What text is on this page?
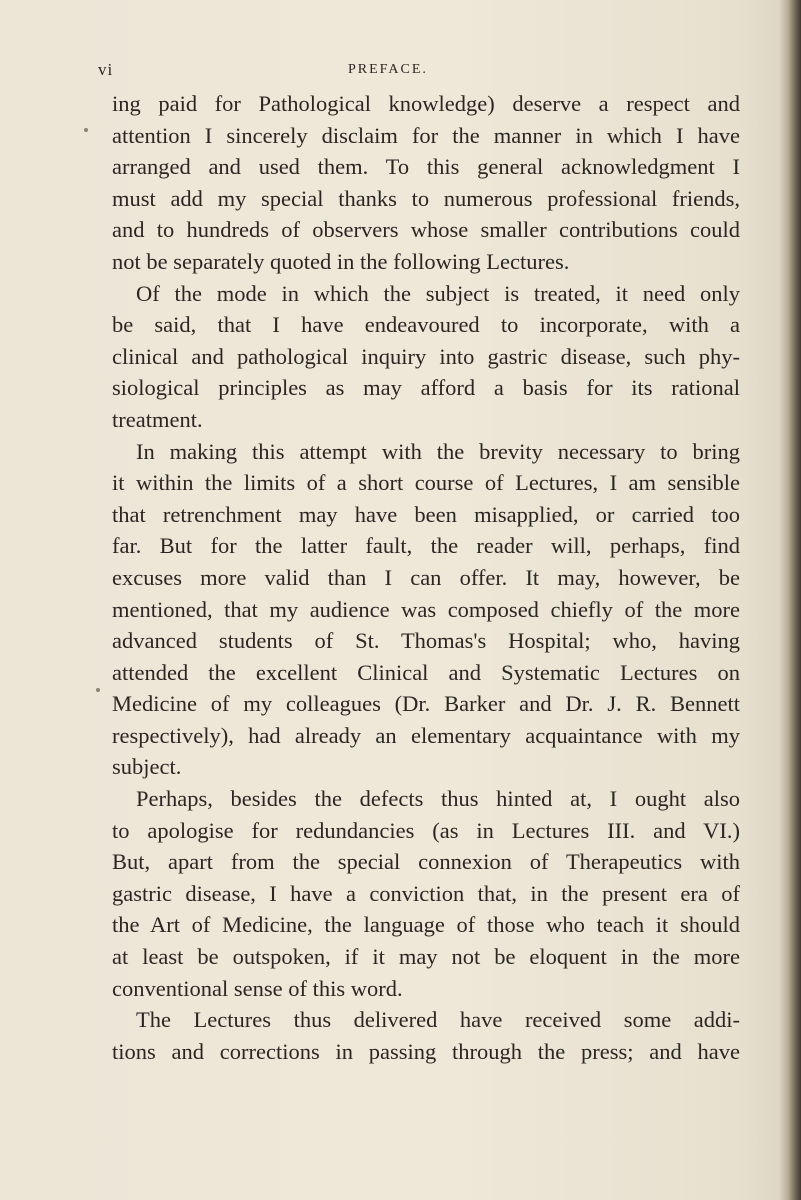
vi	PREFACE.
ing paid for Pathological knowledge) deserve a respect and
attention I sincerely disclaim for the manner in which I have
arranged and used them. To this general acknowledgment I
must add my special thanks to numerous professional friends,
and to hundreds of observers whose smaller contributions could
not be separately quoted in the following Lectures.
Of the mode in which the subject is treated, it need only
be said, that I have endeavoured to incorporate, with a
clinical and pathological inquiry into gastric disease, such phy-
siological principles as may afford a basis for its rational
treatment.
In making this attempt with the brevity necessary to bring
it within the limits of a short course of Lectures, I am sensible
that retrenchment may have been misapplied, or carried too
far. But for the latter fault, the reader will, perhaps, find
excuses more valid than I can offer. It may, however, be
mentioned, that my audience was composed chiefly of the more
advanced students of St. Thomas's Hospital; who, having
attended the excellent Clinical and Systematic Lectures on
Medicine of my colleagues (Dr. Barker and Dr. J. R. Bennett
respectively), had already an elementary acquaintance with my
subject.
Perhaps, besides the defects thus hinted at, I ought also
to apologise for redundancies (as in Lectures III. and VI.)
But, apart from the special connexion of Therapeutics with
gastric disease, I have a conviction that, in the present era of
the Art of Medicine, the language of those who teach it should
at least be outspoken, if it may not be eloquent in the more
conventional sense of this word.
The Lectures thus delivered have received some addi-
tions and corrections in passing through the press; and have
